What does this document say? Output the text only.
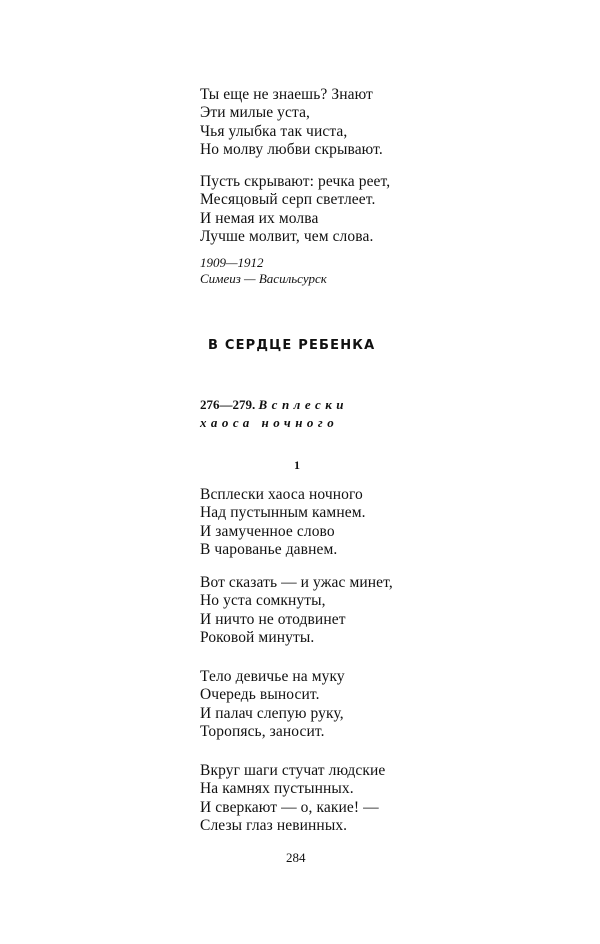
Ты еще не знаешь? Знают
Эти милые уста,
Чья улыбка так чиста,
Но молву любви скрывают.
Пусть скрывают: речка реет,
Месяцовый серп светлеет.
И немая их молва
Лучше молвит, чем слова.
1909—1912
Симеиз — Васильсурск
В СЕРДЦЕ РЕБЕНКА
276—279. Всплески
хаоса ночного
1
Всплески хаоса ночного
Над пустынным камнем.
И замученное слово
В чарованье давнем.
Вот сказать — и ужас минет,
Но уста сомкнуты,
И ничто не отодвинет
Роковой минуты.
Тело девичье на муку
Очередь выносит.
И палач слепую руку,
Торопясь, заносит.
Вкруг шаги стучат людские
На камнях пустынных.
И сверкают — о, какие! —
Слезы глаз невинных.
284
